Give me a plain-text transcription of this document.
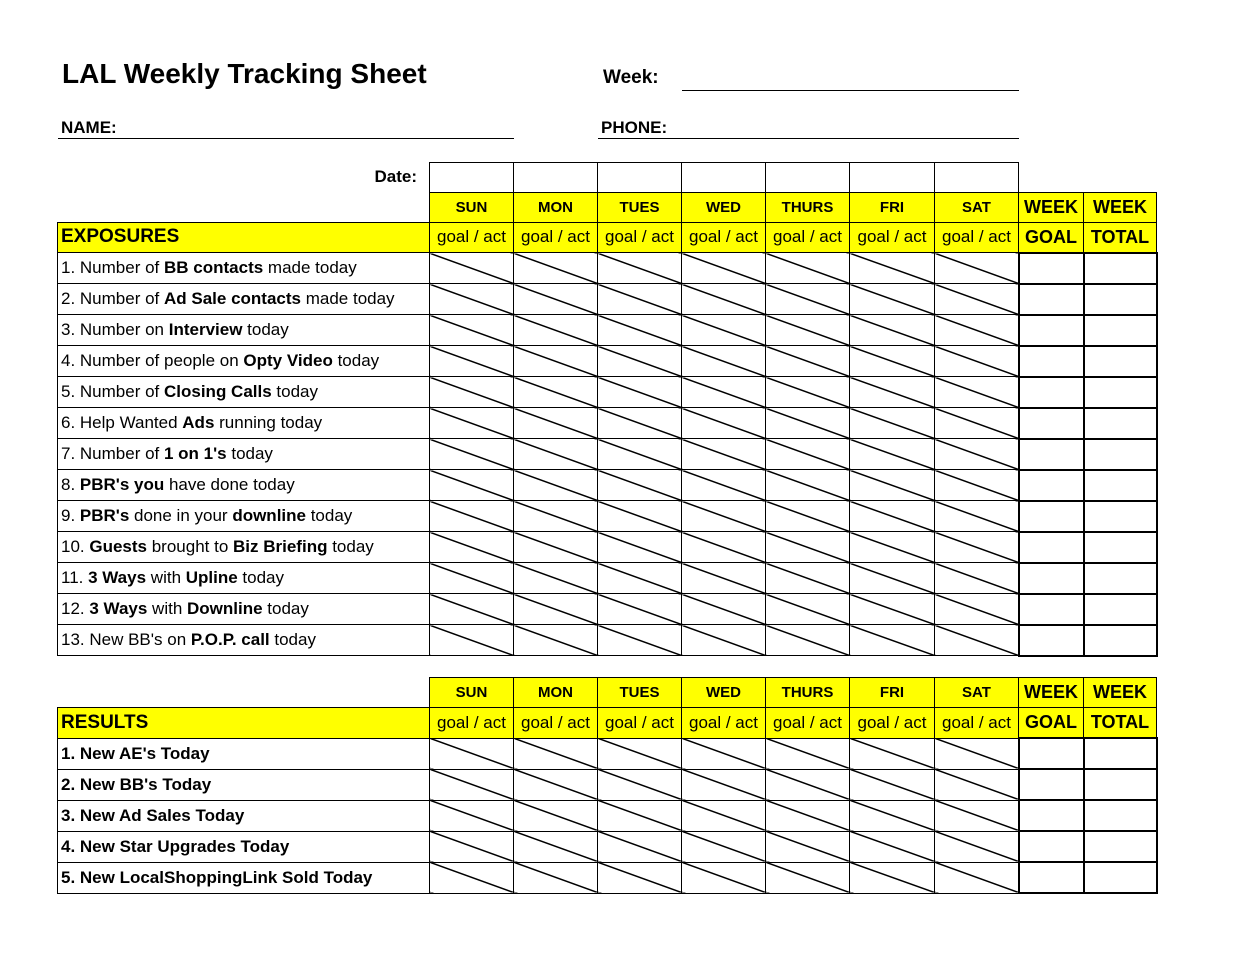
LAL Weekly Tracking Sheet	Week:
NAME:	PHONE:
Date:									
	SUN	MON	TUES	WED	THURS	FRI	SAT	WEEK	WEEK
EXPOSURES	goal / act	goal / act	goal / act	goal / act	goal / act	goal / act	goal / act	GOAL	TOTAL
1. Number of BB contacts made today									
2. Number of Ad Sale contacts made today									
3. Number on Interview today									
4. Number of people on Opty Video today									
5. Number of Closing Calls today									
6. Help Wanted Ads running today									
7. Number of 1 on 1's today									
8. PBR's you have done today									
9. PBR's done in your downline today									
10. Guests brought to Biz Briefing today									
11. 3 Ways with Upline today									
12. 3 Ways with Downline today									
13. New BB's on P.O.P. call today									
	SUN	MON	TUES	WED	THURS	FRI	SAT	WEEK	WEEK
RESULTS	goal / act	goal / act	goal / act	goal / act	goal / act	goal / act	goal / act	GOAL	TOTAL
1. New AE's Today									
2. New BB's Today									
3. New Ad Sales Today									
4. New Star Upgrades Today									
5. New LocalShoppingLink Sold Today									
